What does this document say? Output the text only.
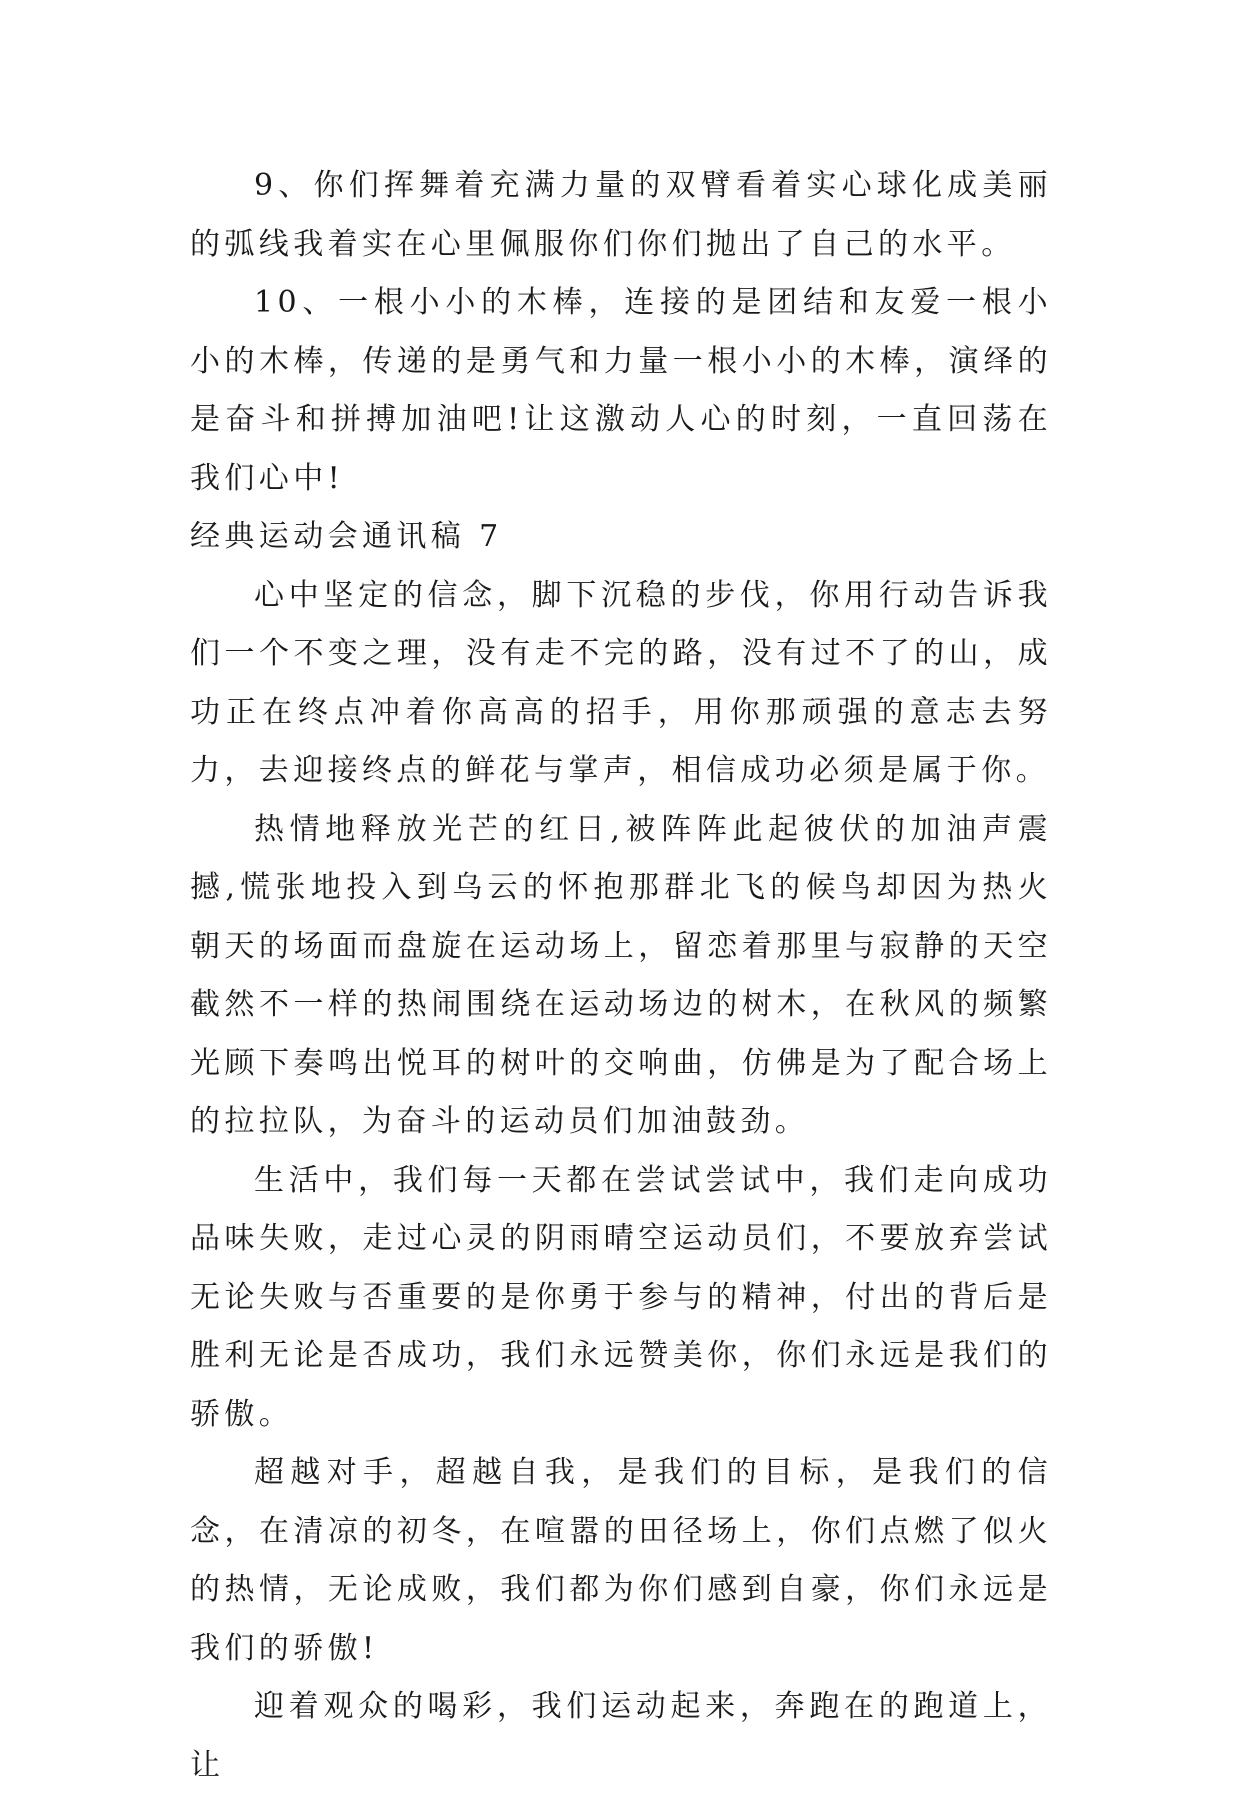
9、你们挥舞着充满力量的双臂看着实心球化成美丽的弧线我着实在心里佩服你们你们抛出了自己的水平。

10、一根小小的木棒，连接的是团结和友爱一根小小的木棒，传递的是勇气和力量一根小小的木棒，演绎的是奋斗和拼搏加油吧!让这激动人心的时刻，一直回荡在我们心中!

经典运动会通讯稿 7

心中坚定的信念，脚下沉稳的步伐，你用行动告诉我们一个不变之理，没有走不完的路，没有过不了的山，成功正在终点冲着你高高的招手，用你那顽强的意志去努力，去迎接终点的鲜花与掌声，相信成功必须是属于你。

热情地释放光芒的红日,被阵阵此起彼伏的加油声震撼,慌张地投入到乌云的怀抱那群北飞的候鸟却因为热火朝天的场面而盘旋在运动场上，留恋着那里与寂静的天空截然不一样的热闹围绕在运动场边的树木，在秋风的频繁光顾下奏鸣出悦耳的树叶的交响曲，仿佛是为了配合场上的拉拉队，为奋斗的运动员们加油鼓劲。

生活中，我们每一天都在尝试尝试中，我们走向成功品味失败，走过心灵的阴雨晴空运动员们，不要放弃尝试无论失败与否重要的是你勇于参与的精神，付出的背后是胜利无论是否成功，我们永远赞美你，你们永远是我们的骄傲。

超越对手，超越自我，是我们的目标，是我们的信念，在清凉的初冬，在喧嚣的田径场上，你们点燃了似火的热情，无论成败，我们都为你们感到自豪，你们永远是我们的骄傲!

迎着观众的喝彩，我们运动起来，奔跑在的跑道上，让
